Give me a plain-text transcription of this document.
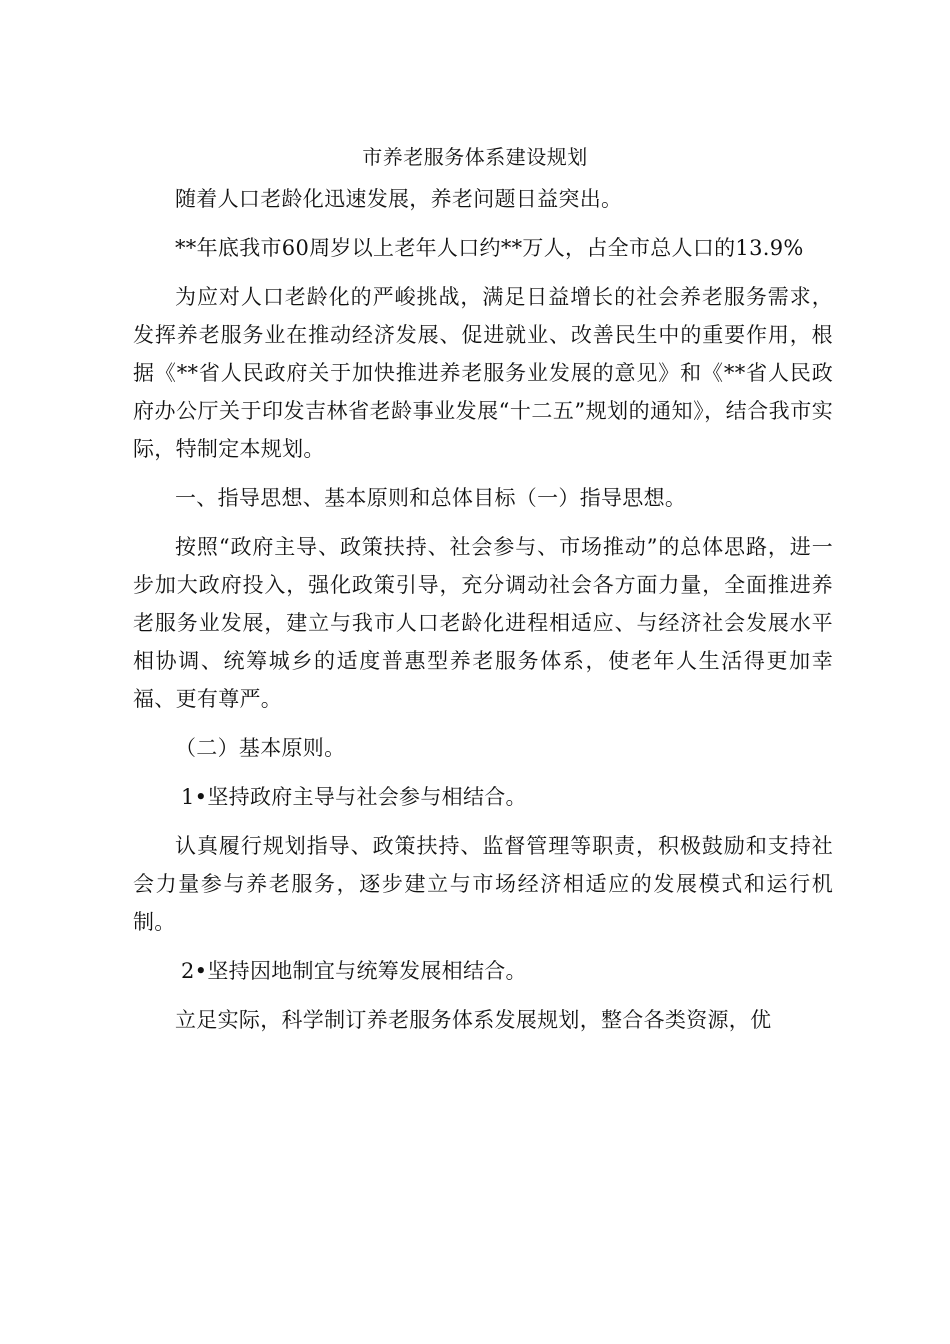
市养老服务体系建设规划

随着人口老龄化迅速发展，养老问题日益突出。

**年底我市60周岁以上老年人口约**万人，占全市总人口的13.9%

为应对人口老龄化的严峻挑战，满足日益增长的社会养老服务需求，发挥养老服务业在推动经济发展、促进就业、改善民生中的重要作用，根据《**省人民政府关于加快推进养老服务业发展的意见》和《**省人民政府办公厅关于印发吉林省老龄事业发展“十二五”规划的通知》，结合我市实际，特制定本规划。

一、指导思想、基本原则和总体目标（一）指导思想。

按照“政府主导、政策扶持、社会参与、市场推动”的总体思路，进一步加大政府投入，强化政策引导，充分调动社会各方面力量，全面推进养老服务业发展，建立与我市人口老龄化进程相适应、与经济社会发展水平相协调、统筹城乡的适度普惠型养老服务体系，使老年人生活得更加幸福、更有尊严。

（二）基本原则。

1•坚持政府主导与社会参与相结合。

认真履行规划指导、政策扶持、监督管理等职责，积极鼓励和支持社会力量参与养老服务，逐步建立与市场经济相适应的发展模式和运行机制。

2•坚持因地制宜与统筹发展相结合。

立足实际，科学制订养老服务体系发展规划，整合各类资源，优
